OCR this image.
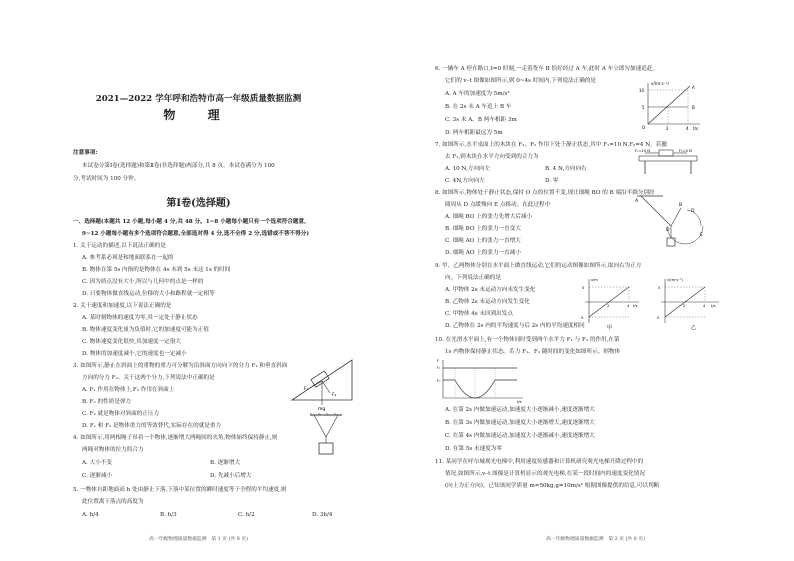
2021—2022 学年呼和浩特市高一年级质量数据监测
物 理
注意事项:
本试卷分第Ⅰ卷(选择题)和第Ⅱ卷(非选择题)两部分,共 8 页。本试卷满分为 100
分,考试时间为 100 分钟。
第Ⅰ卷(选择题)
一、选择题(本题共 12 小题,每小题 4 分,共 48 分。1~8 小题每小题只有一个选项符合题意,
9~12 小题每小题有多个选项符合题意,全部选对得 4 分,选不全得 2 分,选错或不答不得分)
1. 关于运动的描述,以下说法正确的是
A. 参考系必须是和地面联系在一起的
B. 物体在第 5s 内指的是物体在 4s 末到 5s 末这 1s 的时间
C. 因为质点没有大小,所以与几何中的点是一样的
D. 只要物体做直线运动,位移的大小和路程就一定相等
2. 关于速度和加速度,以下说法正确的是
A. 某时刻物体的速度为零,其一定处于静止状态
B. 物体速度变化量为负值时,它的加速度可能为正值
C. 物体速度变化很快,其加速度一定很大
D. 物体的加速度减小,它的速度也一定减小
3. 如图所示,静止在斜面上的重物的重力可分解为沿斜面方向向下的分力 F₁ 和垂直斜面
方向的分力 F₂。关于这两个分力,下列说法中正确的是
A. F₁ 作用在物体上,F₂ 作用在斜面上
B. F₂ 的性质是弹力
C. F₂ 就是物体对斜面的正压力
D. F₁ 和 F₂ 是物体重力的等效替代,实际存在的就是重力
4. 如图所示,用两根绳子吊着一个物体,逐渐增大两绳间的夹角,物体始终保持静止,则
两绳对物体的拉力的合力
A. 大小不变	B. 逐渐增大
C. 逐渐减小	D. 先减小后增大
5. 一物体自距地面高 h 处由静止下落,下落中某位置的瞬时速度等于全程的平均速度,则
此位置离下落点的高度为
A. h/4	B. h/3	C. h/2	D. 3h/4
F₁
F₂
mg
高一年级物理质量数据监测　第 1 页 (共 8 页)
6. 一辆车 A 停在路口,t=0 时刻,一走着货车 B 恰好经过 A 车,此时 A 车立即匀加速追赶,
它们的 v–t 图像如图所示,则 0~4s 时间内,下列说法正确的是
A. A 车的加速度为 5m/s²
B. 在 2s 末 A 车追上 B 车
C. 3s 末 A、B 两车相距 3m
D. 两车相距最远为 5m
7. 如图所示,水平桌面上的木块在 F₁、F₂ 作用下处于静止状态,其中 F₁=10 N,F₂=4 N。若撤
去 F₁,则木块在水平方向受到的合力为
A. 10 N,方向向左
C. 4N,方向向左
B. 4 N,方向向右
D. 零
8. 如图所示,物体处于静止状态,保持 O 点的位置不变,现让细绳 BO 的 B 端沿半圆分别经
圆周从 D 点缓慢向 E 点移动。在此过程中
A. 细绳 BO 上的张力先增大后减小
B. 细绳 BO 上的张力一直变大
C. 细绳 AO 上的张力一直增大
D. 细绳 AO 上的张力一直减小
9. 甲、乙两物体分别在水平面上做直线运动,它们的运动图像如图所示,取向右为正方
向。下列说法正确的是
A. 甲物体 2s 末运动方向未发生变化
B. 乙物体 2s 末运动方向发生变化
C. 甲物体 4s 末回到出发点
D. 乙物体在 2s 内的平均速度与后 2s 内的平均速度相同
10. 在光滑水平面上,有一个物体同时受到两个水平力 F₁ 与 F₂ 的作用,在第
1s 内物体保持静止状态。若力 F₁、F₂ 随时间的变化如图所示。则物体
A. 在第 2s 内做加速运动,加速度大小逐渐减小,速度逐渐增大
B. 在第 3s 内做加速运动,加速度大小逐渐增大,速度逐渐增大
C. 在第 4s 内做加速运动,加速度大小逐渐减小,速度逐渐增大
D. 在第 5s 末速度为零
11. 某同学在呼尔城观光电梯中,利用速度传感器和计算机研究观光电梯升降过程中的
情况,如图所示,v–t 图像是计算机显示的观光电梯,在某一段时间内的速度变化情况
(向上为正方向)。已知该同学质量 m=50kg,g=10m/s² 根据图像提供的信息,可以判断
v/(m·s⁻¹)
10
5
2	4 t/s
A
B
O
F₁=10 N	F₂=4 N
A
O
B
D
E
x/m
5
-5
2	4 t/s
甲
v/(m·s⁻¹)
5
-5
2	4 t/s
乙
F
F₁
F₂
t/s
高一年级物理质量数据监测　第 2 页 (共 8 页)
